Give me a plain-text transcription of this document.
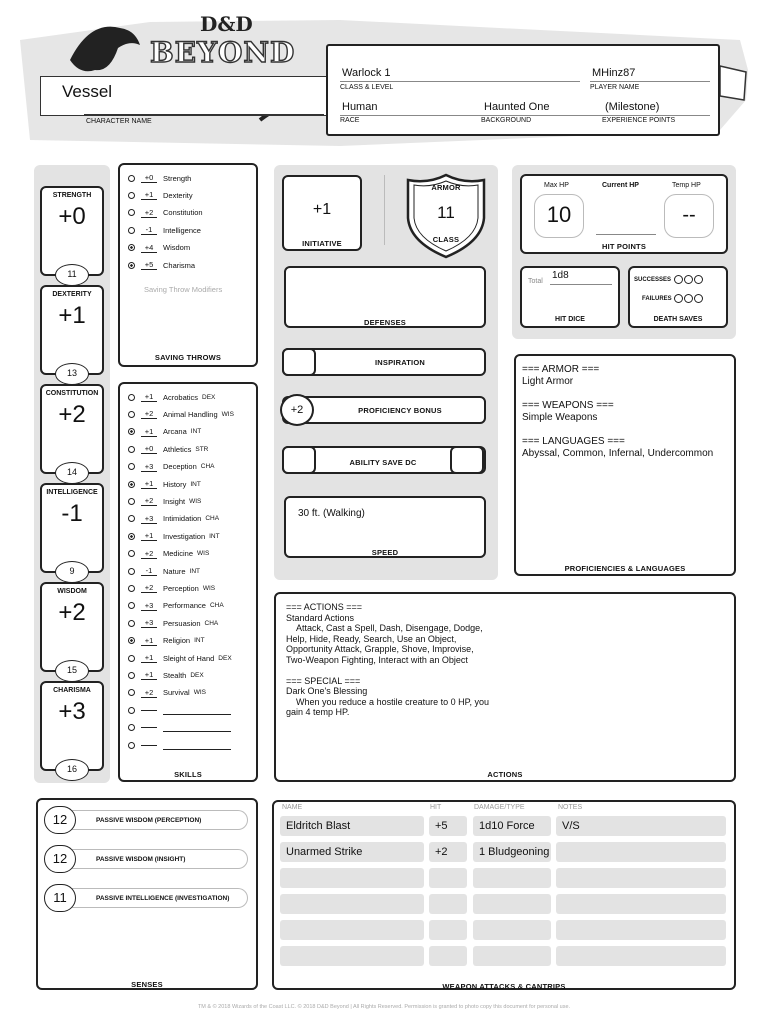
D&D
BEYOND
Vessel
CHARACTER NAME
Warlock 1
CLASS & LEVEL
MHinz87
PLAYER NAME
Human	Haunted One	(Milestone)
RACE	BACKGROUND	EXPERIENCE POINTS
STRENGTH
+0
11
DEXTERITY
+1
13
CONSTITUTION
+2
14
INTELLIGENCE
-1
9
WISDOM
+2
15
CHARISMA
+3
16
+0	Strength
+1	Dexterity
+2	Constitution
-1	Intelligence
+4	Wisdom
+5	Charisma
Saving Throw Modifiers
SAVING THROWS
+1	Acrobatics DEX
+2	Animal Handling WIS
+1	Arcana INT
+0	Athletics STR
+3	Deception CHA
+1	History INT
+2	Insight WIS
+3	Intimidation CHA
+1	Investigation INT
+2	Medicine WIS
-1	Nature INT
+2	Perception WIS
+3	Performance CHA
+3	Persuasion CHA
+1	Religion INT
+1	Sleight of Hand DEX
+1	Stealth DEX
+2	Survival WIS
SKILLS
+1
INITIATIVE
ARMOR
11
CLASS
DEFENSES
INSPIRATION
+2	PROFICIENCY BONUS
ABILITY SAVE DC
30 ft. (Walking)
SPEED
Max HP
10
Current HP	Temp HP
--
HIT POINTS
Total
1d8
HIT DICE
SUCCESSES
FAILURES
DEATH SAVES
=== ARMOR ===
Light Armor

=== WEAPONS ===
Simple Weapons

=== LANGUAGES ===
Abyssal, Common, Infernal, Undercommon
PROFICIENCIES & LANGUAGES
=== ACTIONS ===
Standard Actions
Attack, Cast a Spell, Dash, Disengage, Dodge,
Help, Hide, Ready, Search, Use an Object,
Opportunity Attack, Grapple, Shove, Improvise,
Two-Weapon Fighting, Interact with an Object

=== SPECIAL ===
Dark One's Blessing
When you reduce a hostile creature to 0 HP, you
gain 4 temp HP.
ACTIONS
SENSES
PASSIVE WISDOM (PERCEPTION)
12
PASSIVE WISDOM (INSIGHT)
12
PASSIVE INTELLIGENCE (INVESTIGATION)
11
NAME	HIT	DAMAGE/TYPE	NOTES
WEAPON ATTACKS & CANTRIPS
Eldritch Blast	+5	1d10 Force	V/S
Unarmed Strike	+2	1 Bludgeoning
TM & © 2018 Wizards of the Coast LLC. © 2018 D&D Beyond | All Rights Reserved. Permission is granted to photo copy this document for personal use.
